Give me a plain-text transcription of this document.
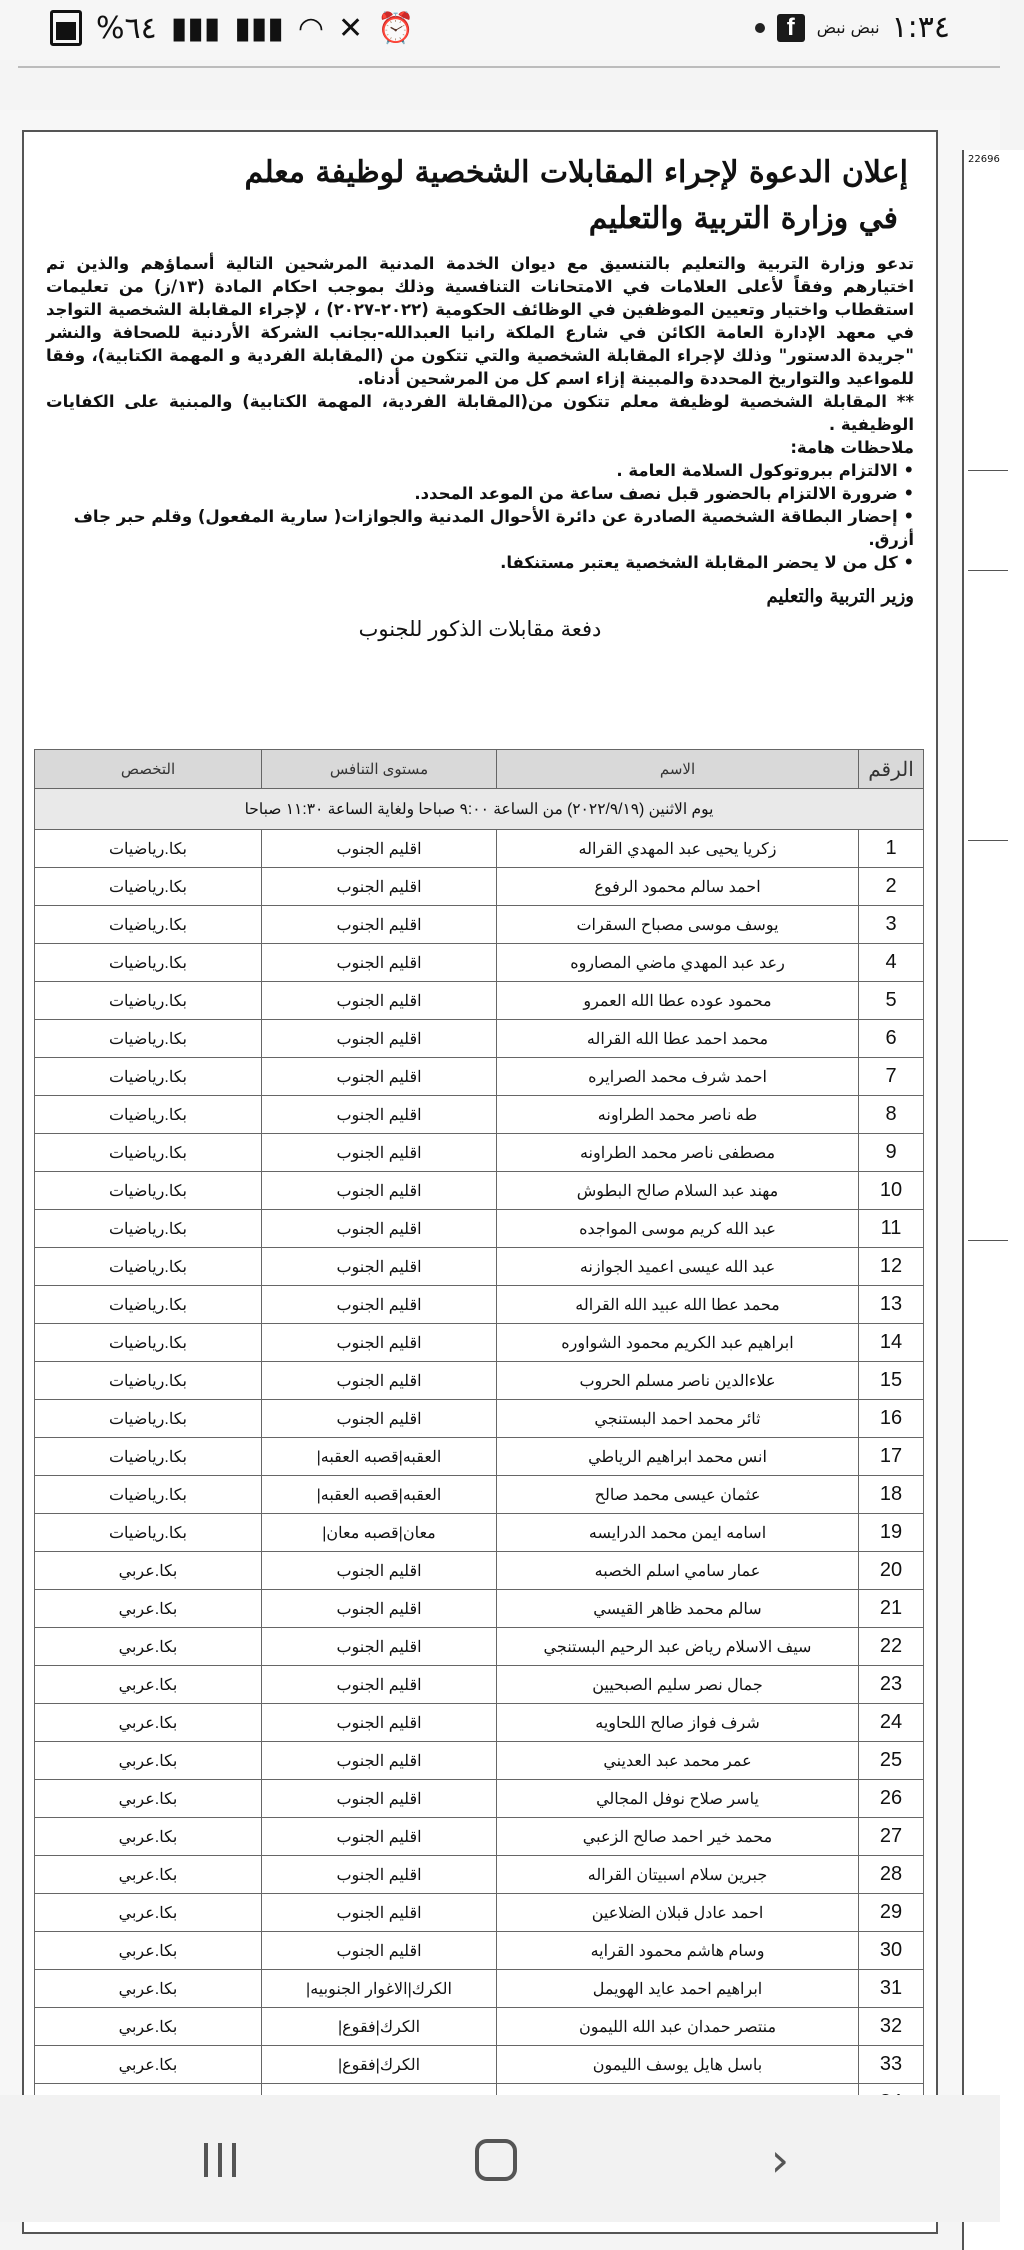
%٦٤ ▮▮▮ ▮▮▮ ◠ ✕ ⏰	f	نبض نبض ١:٣٤
22696
إعلان الدعوة لإجراء المقابلات الشخصية لوظيفة معلم
في وزارة التربية والتعليم

تدعو وزارة التربية والتعليم بالتنسيق مع ديوان الخدمة المدنية المرشحين التالية أسماؤهم والذين تم اختيارهم وفقاً لأعلى العلامات في الامتحانات التنافسية وذلك بموجب احكام المادة (١٣/ز) من تعليمات استقطاب واختيار وتعيين الموظفين في الوظائف الحكومية (٢٠٢٢-٢٠٢٧) ، لإجراء المقابلة الشخصية التواجد في معهد الإدارة العامة الكائن في شارع الملكة رانيا العبدالله-بجانب الشركة الأردنية للصحافة والنشر "جريدة الدستور" وذلك لإجراء المقابلة الشخصية والتي تتكون من (المقابلة الفردية و المهمة الكتابية)، وفقا للمواعيد والتواريخ المحددة والمبينة إزاء اسم كل من المرشحين أدناه.

** المقابلة الشخصية لوظيفة معلم تتكون من(المقابلة الفردية، المهمة الكتابية) والمبنية على الكفايات الوظيفية .

ملاحظات هامة:
• الالتزام ببروتوكول السلامة العامة .
• ضرورة الالتزام بالحضور قبل نصف ساعة من الموعد المحدد.
• إحضار البطاقة الشخصية الصادرة عن دائرة الأحوال المدنية والجوازات( سارية المفعول) وقلم حبر جاف أزرق.
• كل من لا يحضر المقابلة الشخصية يعتبر مستنكفا.
وزير التربية والتعليم
دفعة مقابلات الذكور للجنوب
الرقم	الاسم	مستوى التنافس	التخصص
يوم الاثنين (٢٠٢٢/٩/١٩) من الساعة ٩:٠٠ صباحا ولغاية الساعة ١١:٣٠ صباحا			
1	زكريا يحيى عبد المهدي القراله	اقليم الجنوب	بكا.رياضيات
2	احمد سالم محمود الرفوع	اقليم الجنوب	بكا.رياضيات
3	يوسف موسى مصباح السقرات	اقليم الجنوب	بكا.رياضيات
4	رعد عبد المهدي ماضي المصاروه	اقليم الجنوب	بكا.رياضيات
5	محمود عوده عطا الله العمرو	اقليم الجنوب	بكا.رياضيات
6	محمد احمد عطا الله القراله	اقليم الجنوب	بكا.رياضيات
7	احمد شرف محمد الصرايره	اقليم الجنوب	بكا.رياضيات
8	طه ناصر محمد الطراونه	اقليم الجنوب	بكا.رياضيات
9	مصطفى ناصر محمد الطراونه	اقليم الجنوب	بكا.رياضيات
10	مهند عبد السلام صالح البطوش	اقليم الجنوب	بكا.رياضيات
11	عبد الله كريم موسى المواجده	اقليم الجنوب	بكا.رياضيات
12	عبد الله عيسى اعميد الجوازنه	اقليم الجنوب	بكا.رياضيات
13	محمد عطا الله عبيد الله القراله	اقليم الجنوب	بكا.رياضيات
14	ابراهيم عبد الكريم محمود الشواوره	اقليم الجنوب	بكا.رياضيات
15	علاءالدين ناصر مسلم الحروب	اقليم الجنوب	بكا.رياضيات
16	ثائر محمد احمد البستنجي	اقليم الجنوب	بكا.رياضيات
17	انس محمد ابراهيم الرياطي	العقبه|قصبه العقبه|	بكا.رياضيات
18	عثمان عيسى محمد صالح	العقبه|قصبه العقبه|	بكا.رياضيات
19	اسامه ايمن محمد الدرايسه	معان|قصبه معان|	بكا.رياضيات
20	عمار سامي اسلم الخصبه	اقليم الجنوب	بكا.عربي
21	سالم محمد ظاهر القيسي	اقليم الجنوب	بكا.عربي
22	سيف الاسلام رياض عبد الرحيم البستنجي	اقليم الجنوب	بكا.عربي
23	جمال نصر سليم الصبحيين	اقليم الجنوب	بكا.عربي
24	شرف فواز صالح اللحاويه	اقليم الجنوب	بكا.عربي
25	عمر محمد عبد العديني	اقليم الجنوب	بكا.عربي
26	ياسر صلاح نوفل المجالي	اقليم الجنوب	بكا.عربي
27	محمد خير احمد صالح الزعبي	اقليم الجنوب	بكا.عربي
28	جبرين سلام اسبيتان القراله	اقليم الجنوب	بكا.عربي
29	احمد عادل قبلان الضلاعين	اقليم الجنوب	بكا.عربي
30	وسام هاشم محمود القرايه	اقليم الجنوب	بكا.عربي
31	ابراهيم احمد عايد الهويمل	الكرك|الاغوار الجنوبيه|	بكا.عربي
32	منتصر حمدان عبد الله الليمون	الكرك|فقوع|	بكا.عربي
33	باسل هايل يوسف الليمون	الكرك|فقوع|	بكا.عربي

›
